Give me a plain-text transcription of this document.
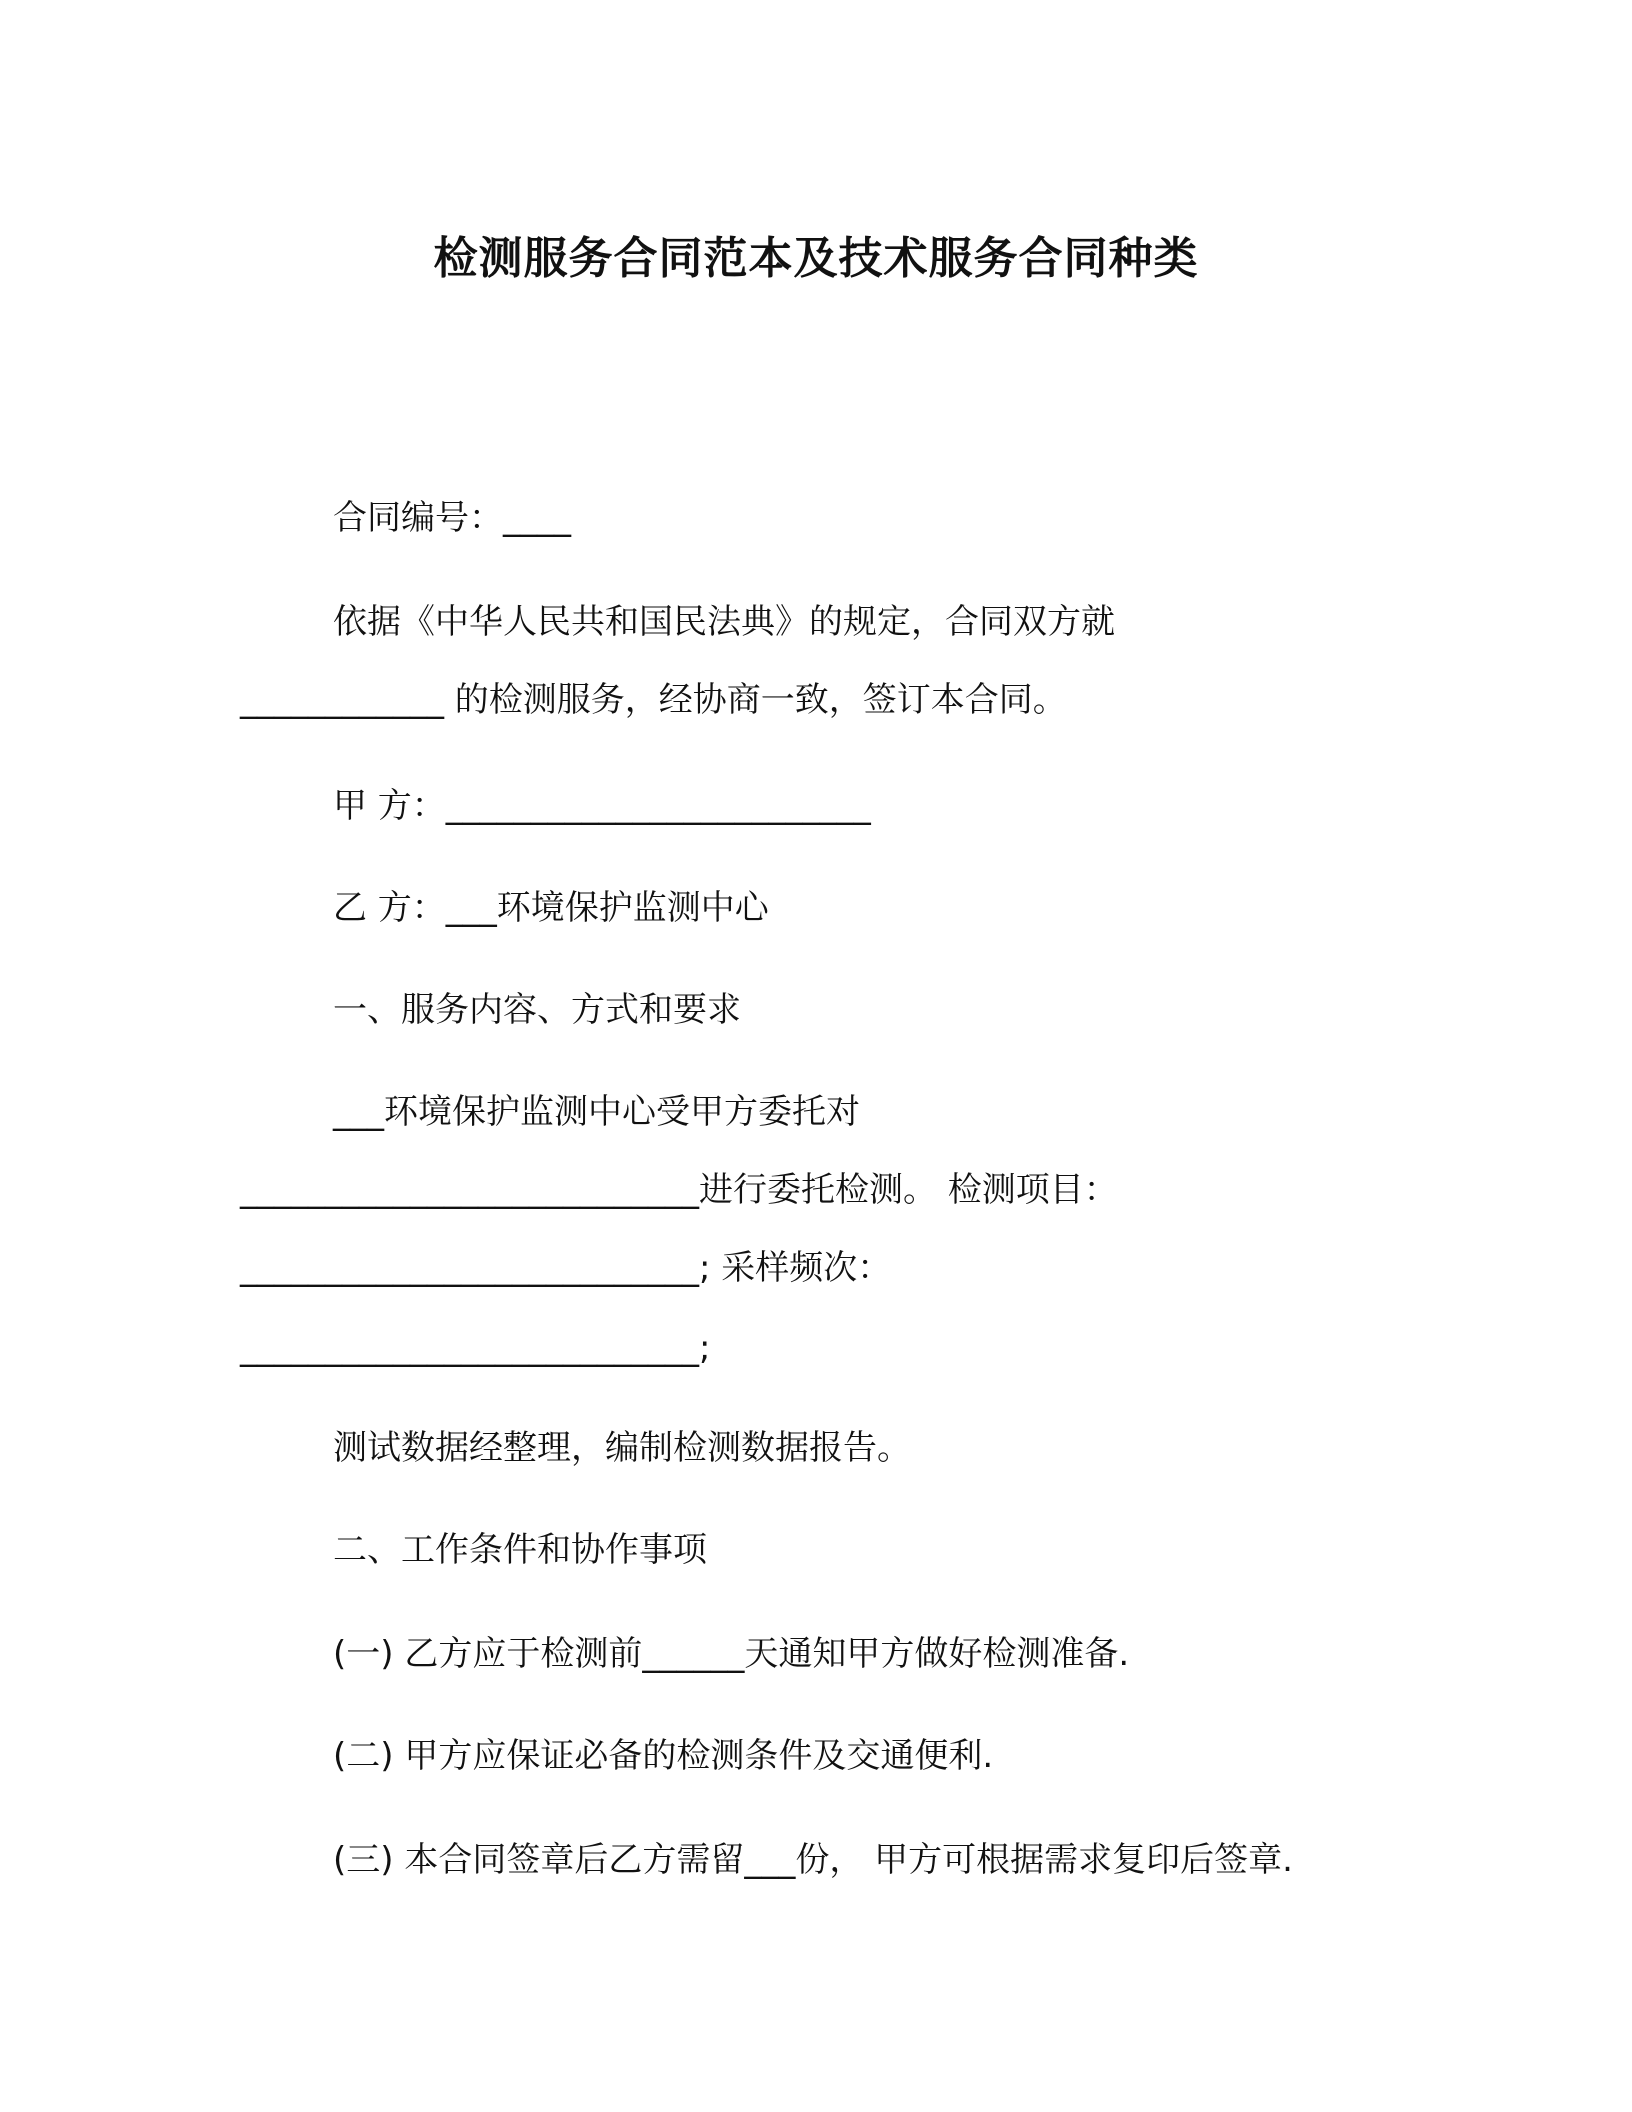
检测服务合同范本及技术服务合同种类
合同编号：____
依据《中华人民共和国民法典》的规定，合同双方就
____________ 的检测服务，经协商一致，签订本合同。
甲 方：_________________________
乙 方：___环境保护监测中心
一、服务内容、方式和要求
___环境保护监测中心受甲方委托对
___________________________进行委托检测。 检测项目：
___________________________; 采样频次：
___________________________;
测试数据经整理，编制检测数据报告。
二、工作条件和协作事项
(一) 乙方应于检测前______天通知甲方做好检测准备.
(二) 甲方应保证必备的检测条件及交通便利.
(三) 本合同签章后乙方需留___份， 甲方可根据需求复印后签章.
